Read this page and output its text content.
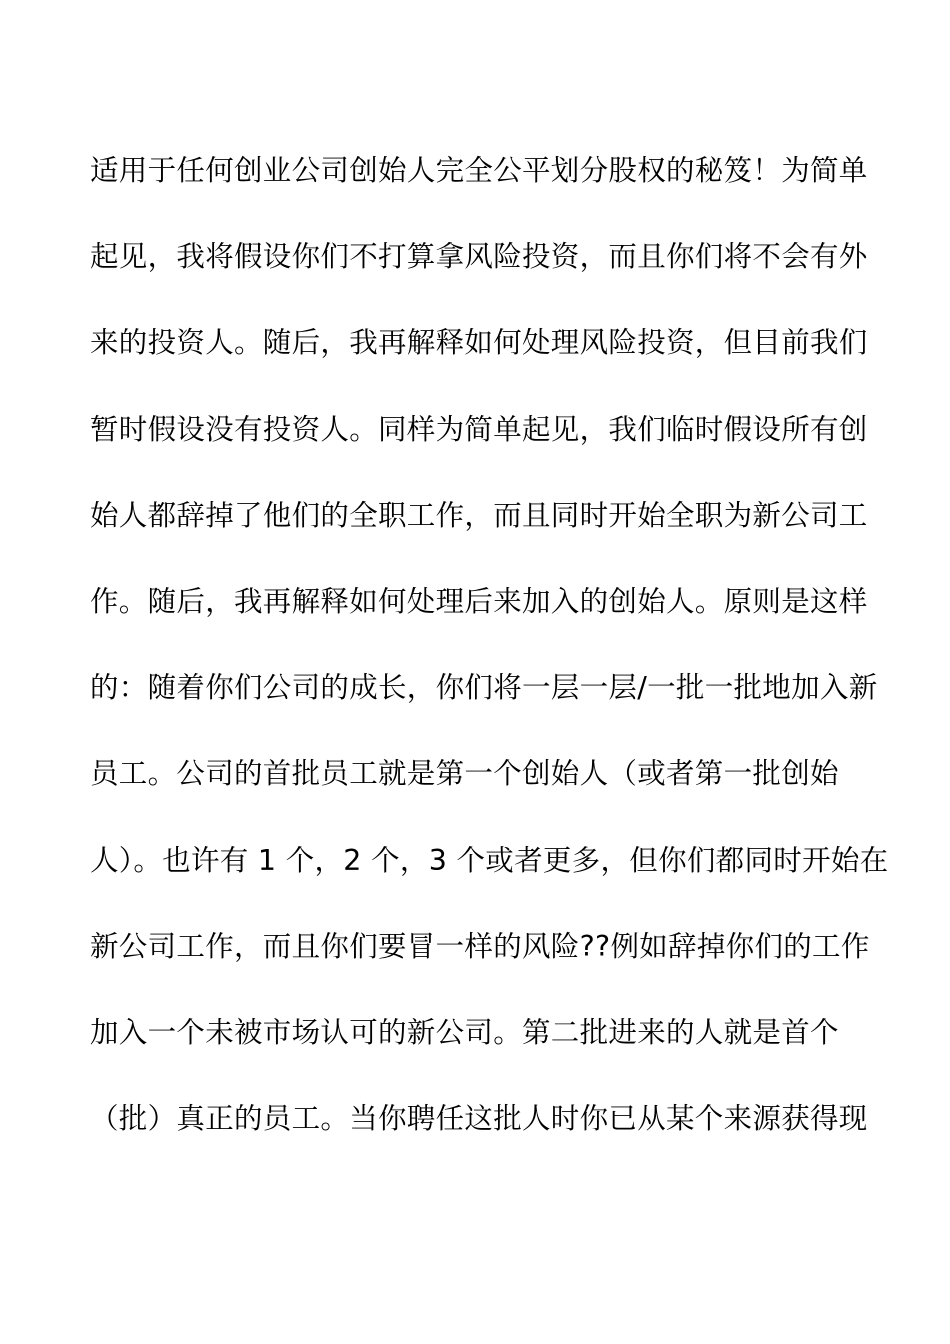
适用于任何创业公司创始人完全公平划分股权的秘笈！为简单
起见，我将假设你们不打算拿风险投资，而且你们将不会有外
来的投资人。随后，我再解释如何处理风险投资，但目前我们
暂时假设没有投资人。同样为简单起见，我们临时假设所有创
始人都辞掉了他们的全职工作，而且同时开始全职为新公司工
作。随后，我再解释如何处理后来加入的创始人。原则是这样
的：随着你们公司的成长，你们将一层一层/一批一批地加入新
员工。公司的首批员工就是第一个创始人（或者第一批创始
人）。也许有 1 个，2 个，3 个或者更多，但你们都同时开始在
新公司工作，而且你们要冒一样的风险??例如辞掉你们的工作
加入一个未被市场认可的新公司。第二批进来的人就是首个
（批）真正的员工。当你聘任这批人时你已从某个来源获得现
